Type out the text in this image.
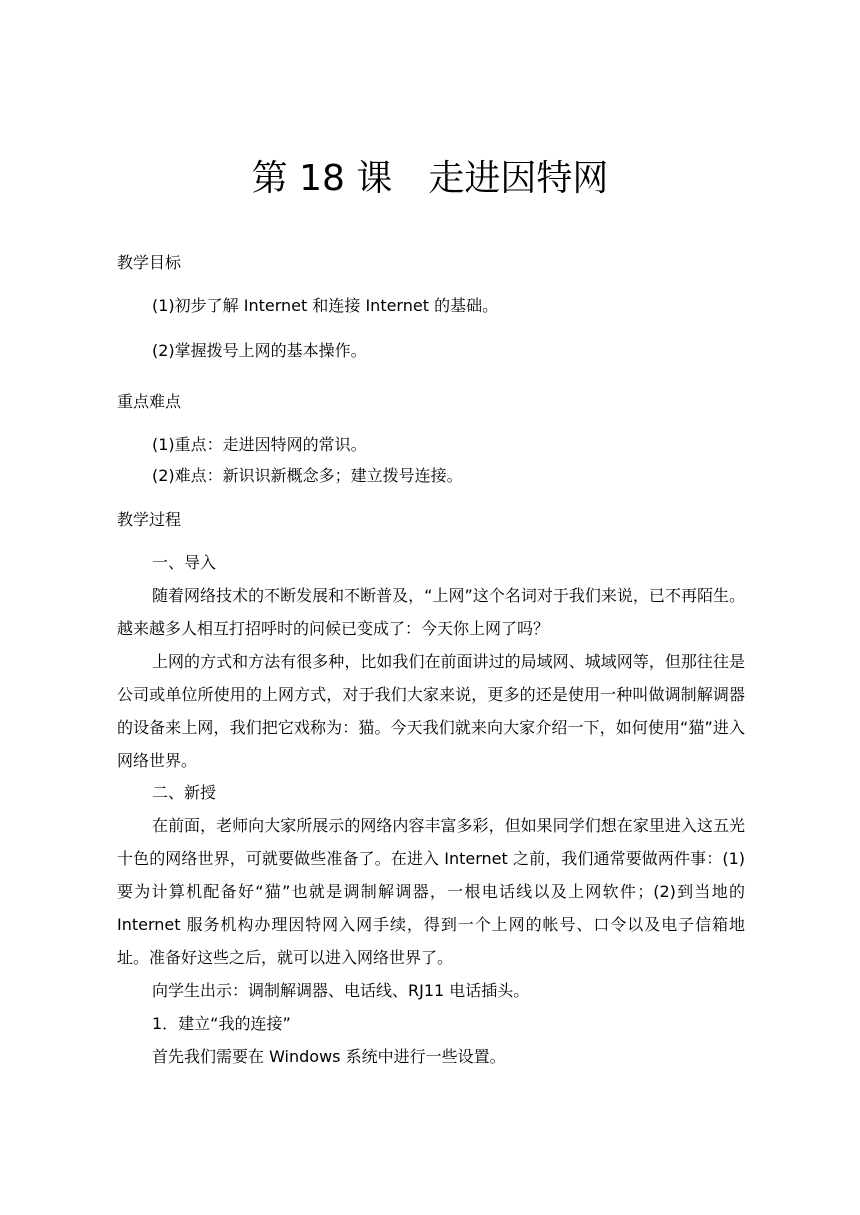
第 18 课　走进因特网
教学目标
(1)初步了解 Internet 和连接 Internet 的基础。
(2)掌握拨号上网的基本操作。
重点难点
(1)重点：走进因特网的常识。
(2)难点：新识识新概念多；建立拨号连接。
教学过程
一、导入
随着网络技术的不断发展和不断普及，“上网”这个名词对于我们来说，已不再陌生。越来越多人相互打招呼时的问候已变成了：今天你上网了吗？
上网的方式和方法有很多种，比如我们在前面讲过的局域网、城域网等，但那往往是公司或单位所使用的上网方式，对于我们大家来说，更多的还是使用一种叫做调制解调器的设备来上网，我们把它戏称为：猫。今天我们就来向大家介绍一下，如何使用“猫”进入网络世界。
二、新授
在前面，老师向大家所展示的网络内容丰富多彩，但如果同学们想在家里进入这五光十色的网络世界，可就要做些准备了。在进入 Internet 之前，我们通常要做两件事：(1)要为计算机配备好“猫”也就是调制解调器，一根电话线以及上网软件；(2)到当地的 Internet 服务机构办理因特网入网手续，得到一个上网的帐号、口令以及电子信箱地址。准备好这些之后，就可以进入网络世界了。
向学生出示：调制解调器、电话线、RJ11 电话插头。
1．建立“我的连接”
首先我们需要在 Windows 系统中进行一些设置。
